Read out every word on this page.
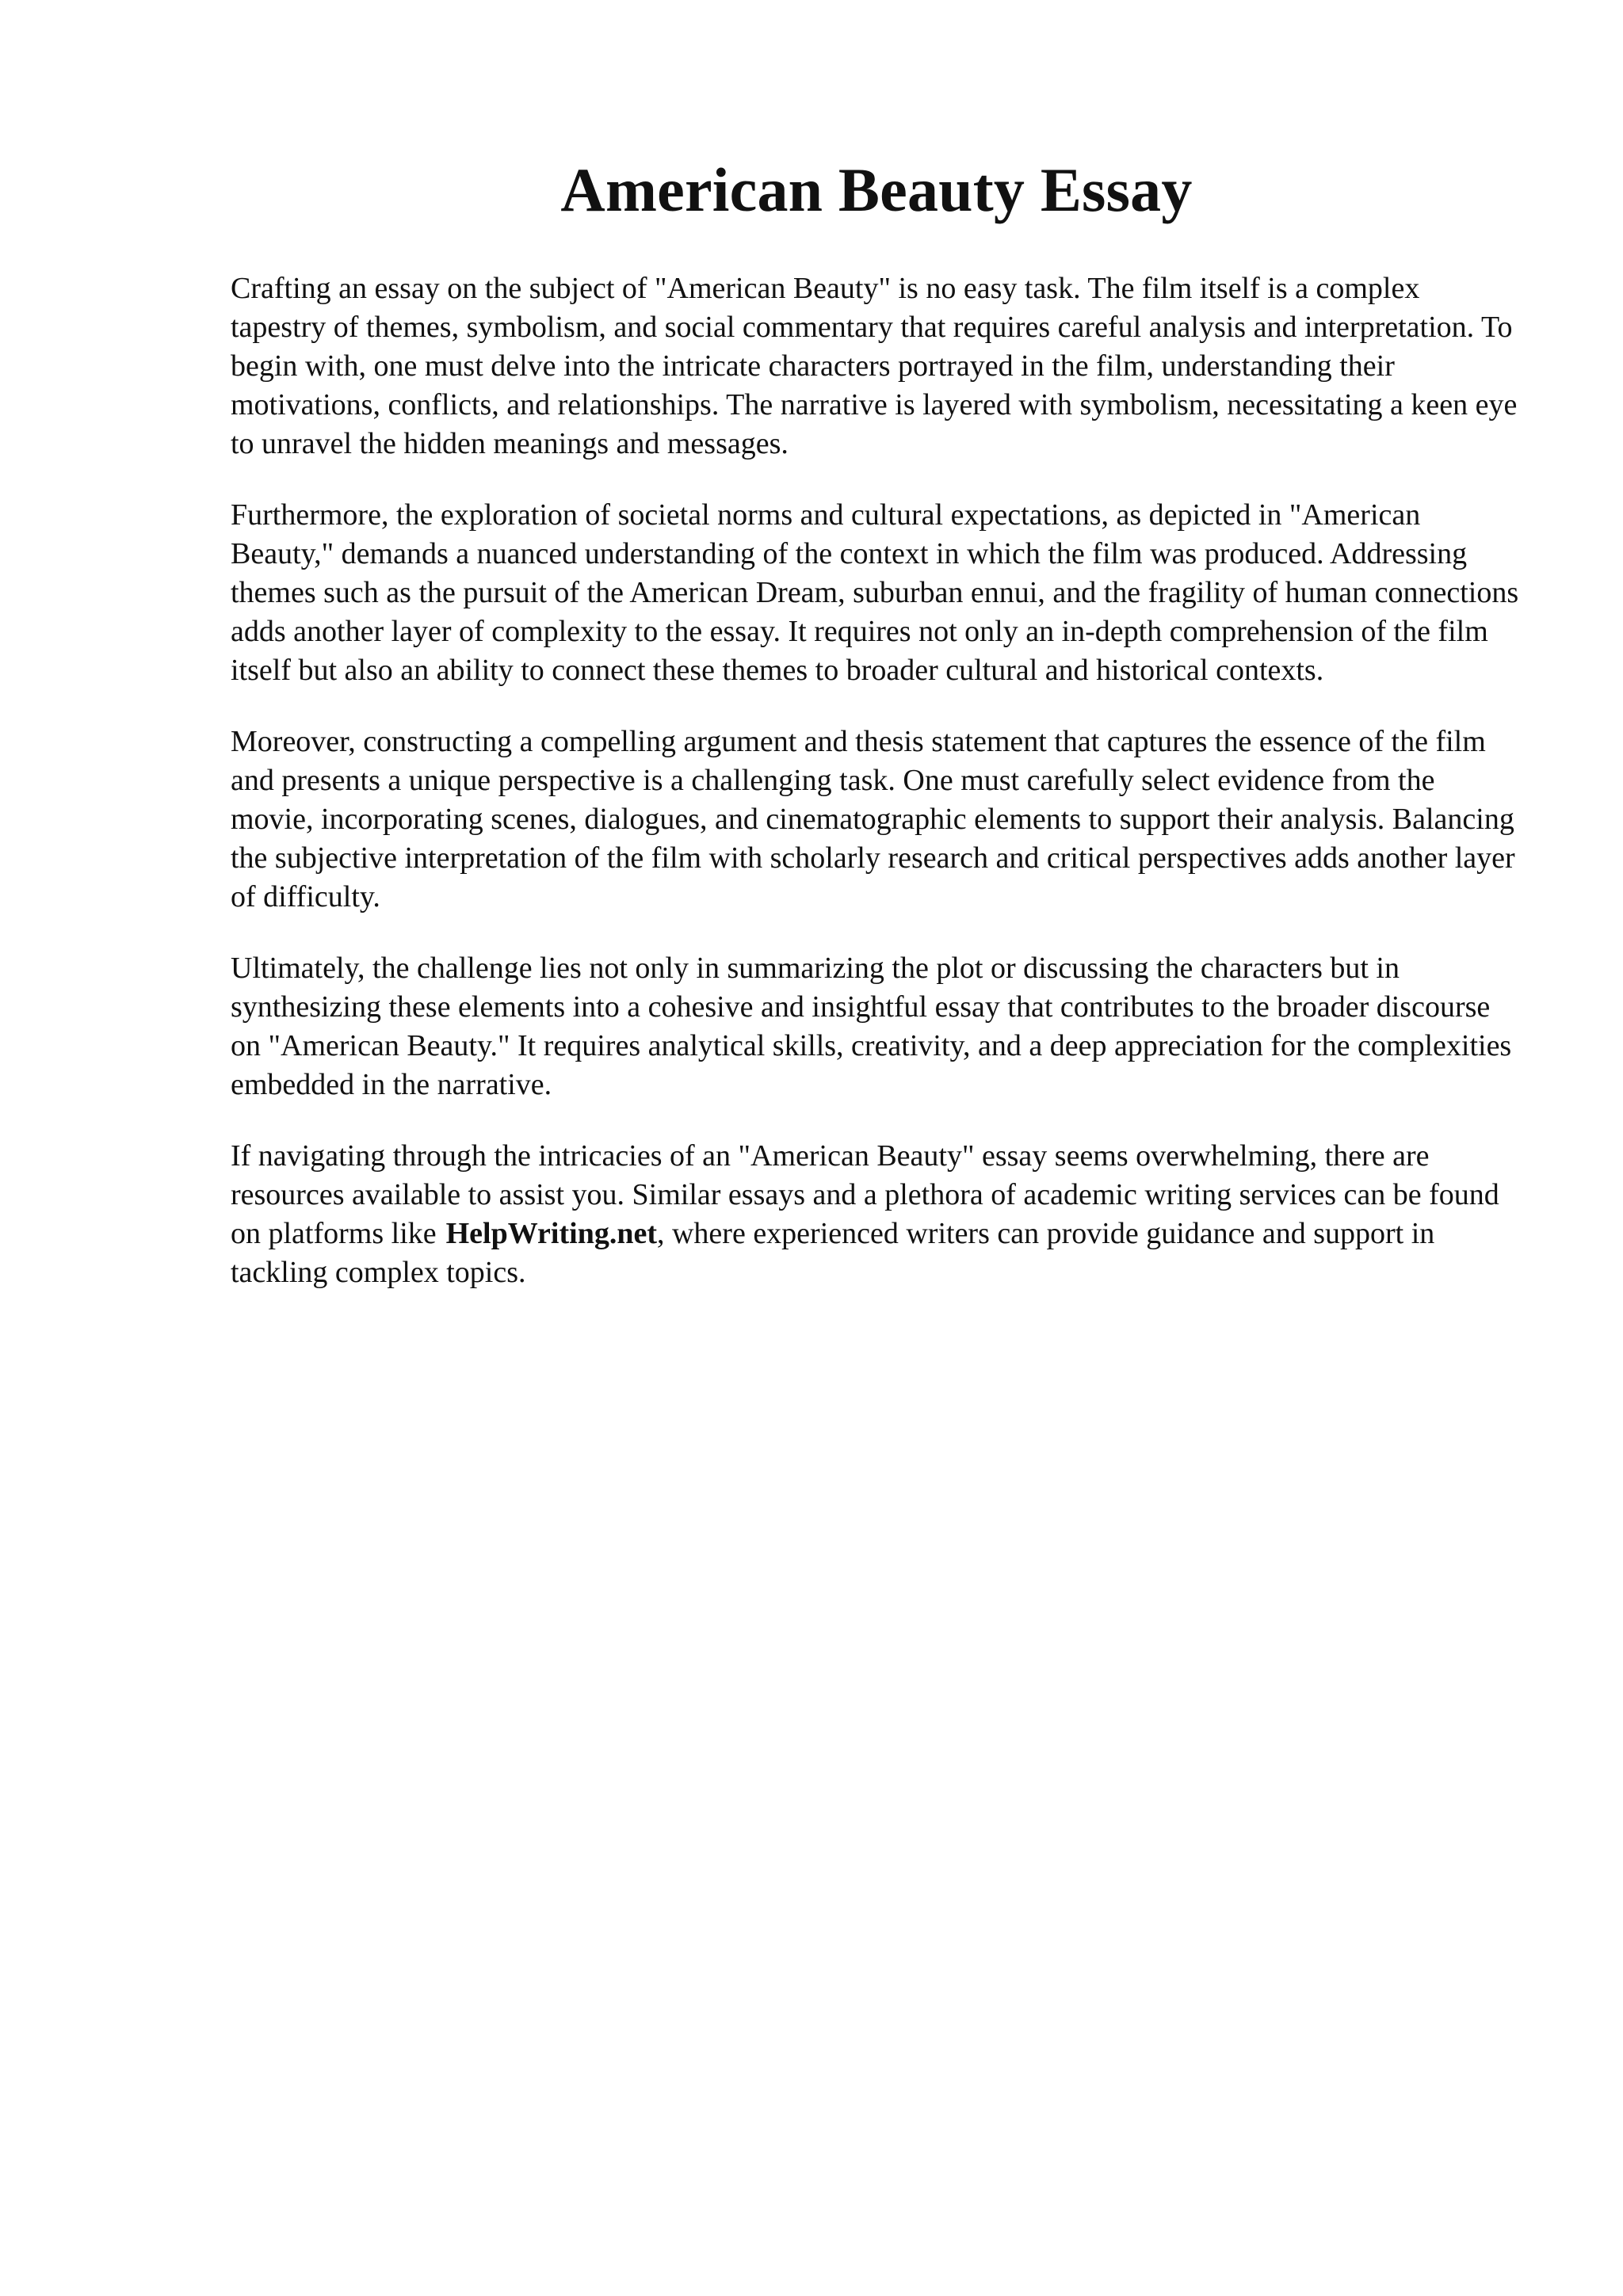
American Beauty Essay

Crafting an essay on the subject of "American Beauty" is no easy task. The film itself is a complex tapestry of themes, symbolism, and social commentary that requires careful analysis and interpretation. To begin with, one must delve into the intricate characters portrayed in the film, understanding their motivations, conflicts, and relationships. The narrative is layered with symbolism, necessitating a keen eye to unravel the hidden meanings and messages.

Furthermore, the exploration of societal norms and cultural expectations, as depicted in "American Beauty," demands a nuanced understanding of the context in which the film was produced. Addressing themes such as the pursuit of the American Dream, suburban ennui, and the fragility of human connections adds another layer of complexity to the essay. It requires not only an in-depth comprehension of the film itself but also an ability to connect these themes to broader cultural and historical contexts.

Moreover, constructing a compelling argument and thesis statement that captures the essence of the film and presents a unique perspective is a challenging task. One must carefully select evidence from the movie, incorporating scenes, dialogues, and cinematographic elements to support their analysis. Balancing the subjective interpretation of the film with scholarly research and critical perspectives adds another layer of difficulty.

Ultimately, the challenge lies not only in summarizing the plot or discussing the characters but in synthesizing these elements into a cohesive and insightful essay that contributes to the broader discourse on "American Beauty." It requires analytical skills, creativity, and a deep appreciation for the complexities embedded in the narrative.

If navigating through the intricacies of an "American Beauty" essay seems overwhelming, there are resources available to assist you. Similar essays and a plethora of academic writing services can be found on platforms like HelpWriting.net, where experienced writers can provide guidance and support in tackling complex topics.
